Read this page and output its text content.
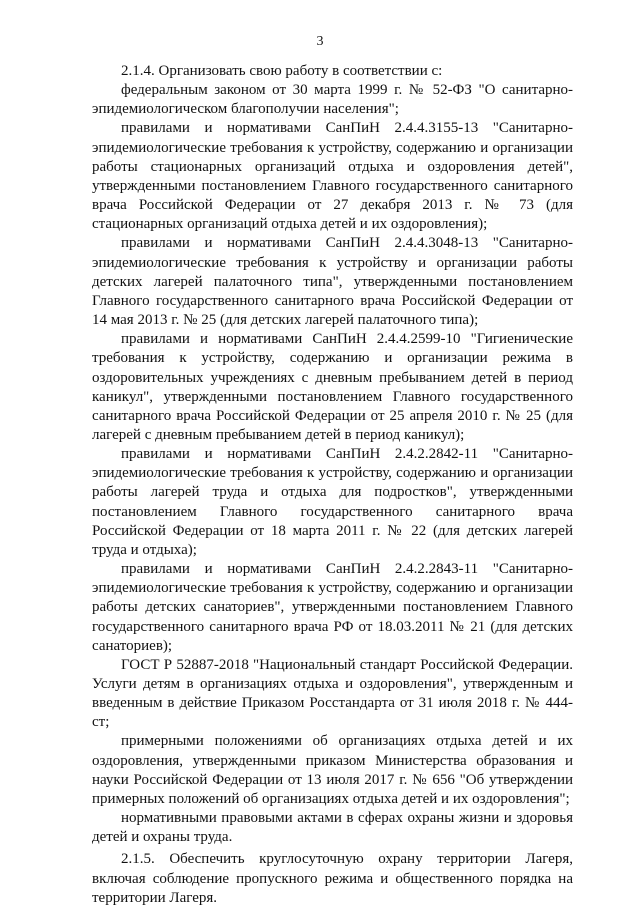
3

2.1.4. Организовать свою работу в соответствии с:

федеральным законом от 30 марта 1999 г. № 52-ФЗ "О санитарно-эпидемиологическом благополучии населения";

правилами и нормативами СанПиН 2.4.4.3155-13 "Санитарно-эпидемиологические требования к устройству, содержанию и организации работы стационарных организаций отдыха и оздоровления детей", утвержденными постановлением Главного государственного санитарного врача Российской Федерации от 27 декабря 2013 г. № 73 (для стационарных организаций отдыха детей и их оздоровления);

правилами и нормативами СанПиН 2.4.4.3048-13 "Санитарно-эпидемиологические требования к устройству и организации работы детских лагерей палаточного типа", утвержденными постановлением Главного государственного санитарного врача Российской Федерации от 14 мая 2013 г. № 25 (для детских лагерей палаточного типа);

правилами и нормативами СанПиН 2.4.4.2599-10 "Гигиенические требования к устройству, содержанию и организации режима в оздоровительных учреждениях с дневным пребыванием детей в период каникул", утвержденными постановлением Главного государственного санитарного врача Российской Федерации от 25 апреля 2010 г. № 25 (для лагерей с дневным пребыванием детей в период каникул);

правилами и нормативами СанПиН 2.4.2.2842-11 "Санитарно-эпидемиологические требования к устройству, содержанию и организации работы лагерей труда и отдыха для подростков", утвержденными постановлением Главного государственного санитарного врача Российской Федерации от 18 марта 2011 г. № 22 (для детских лагерей труда и отдыха);

правилами и нормативами СанПиН 2.4.2.2843-11 "Санитарно-эпидемиологические требования к устройству, содержанию и организации работы детских санаториев", утвержденными постановлением Главного государственного санитарного врача РФ от 18.03.2011 № 21 (для детских санаториев);

ГОСТ Р 52887-2018 "Национальный стандарт Российской Федерации. Услуги детям в организациях отдыха и оздоровления", утвержденным и введенным в действие Приказом Росстандарта от 31 июля 2018 г. № 444-ст;

примерными положениями об организациях отдыха детей и их оздоровления, утвержденными приказом Министерства образования и науки Российской Федерации от 13 июля 2017 г. № 656 "Об утверждении примерных положений об организациях отдыха детей и их оздоровления";

нормативными правовыми актами в сферах охраны жизни и здоровья детей и охраны труда.

2.1.5. Обеспечить круглосуточную охрану территории Лагеря, включая соблюдение пропускного режима и общественного порядка на территории Лагеря.
